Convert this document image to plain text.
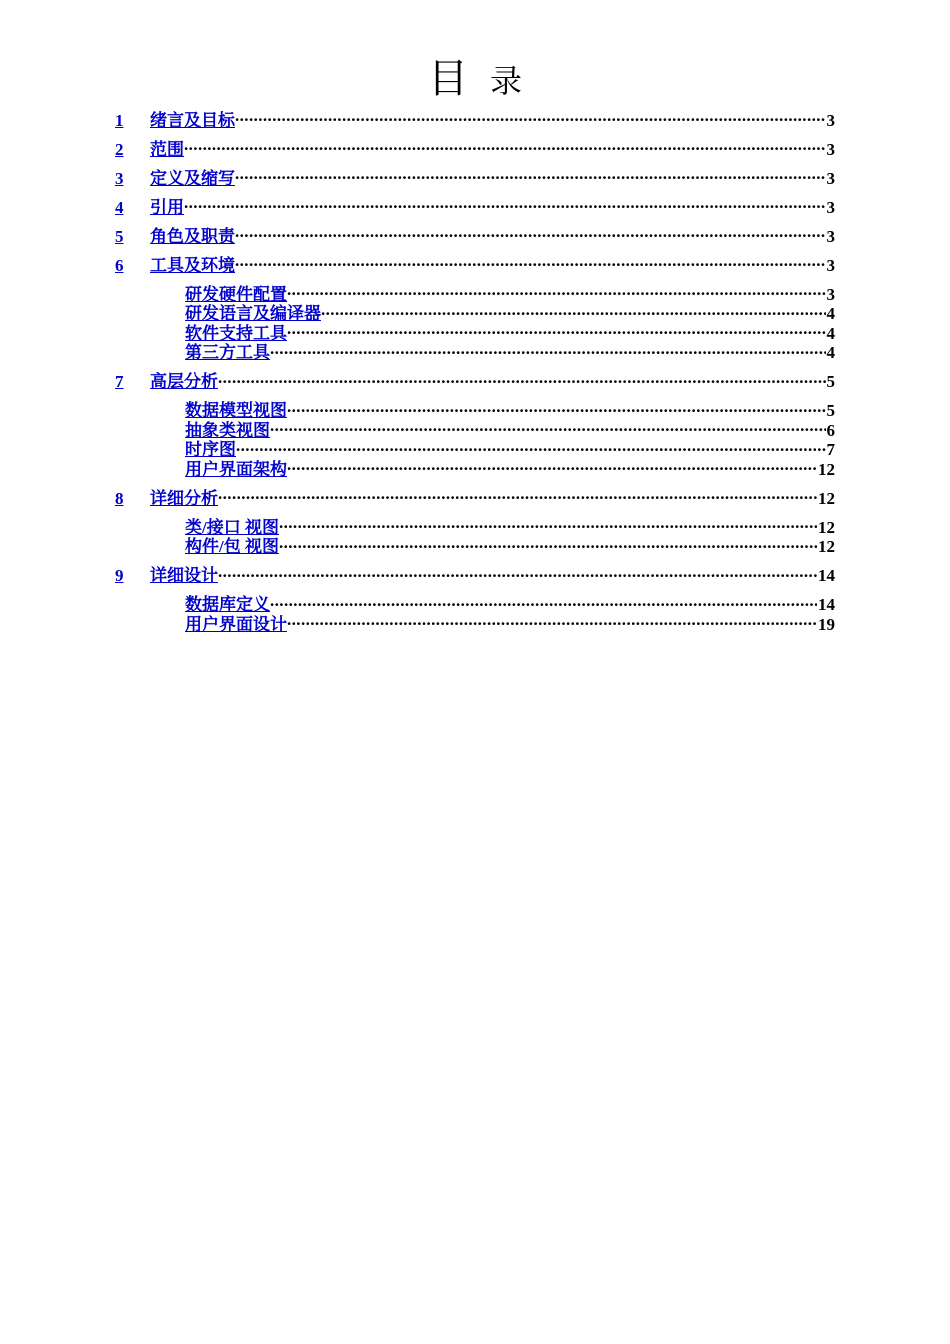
目 录
1	绪言及目标 .....	3
2	范围 .....	3
3	定义及缩写 .....	3
4	引用 .....	3
5	角色及职责 .....	3
6	工具及环境 .....	3
研发硬件配置 .....	3
研发语言及编译器 .....	4
软件支持工具 .....	4
第三方工具 .....	4
7	高层分析 .....	5
数据模型视图 .....	5
抽象类视图 .....	6
时序图 .....	7
用户界面架构 .....	12
8	详细分析 .....	12
类/接口 视图 .....	12
构件/包 视图 .....	12
9	详细设计 .....	14
数据库定义 .....	14
用户界面设计 .....	19
